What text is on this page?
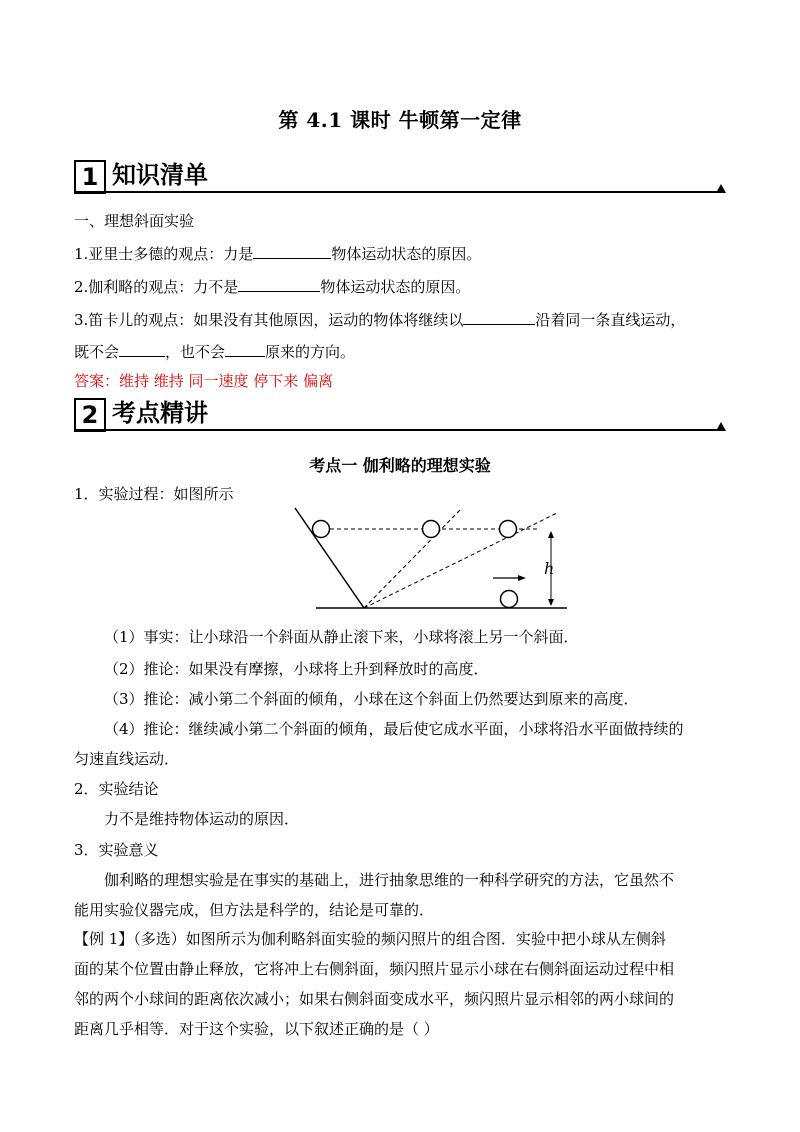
第 4.1 课时 牛顿第一定律
1 知识清单
一、理想斜面实验
1.亚里士多德的观点：力是	物体运动状态的原因。
2.伽利略的观点：力不是	物体运动状态的原因。
3.笛卡儿的观点：如果没有其他原因，运动的物体将继续以	沿着同一条直线运动，
既不会	，也不会	原来的方向。
答案：维持 维持 同一速度 停下来 偏离
2 考点精讲
考点一 伽利略的理想实验
1．实验过程：如图所示
h
（1）事实：让小球沿一个斜面从静止滚下来，小球将滚上另一个斜面．
（2）推论：如果没有摩擦，小球将上升到释放时的高度．
（3）推论：减小第二个斜面的倾角，小球在这个斜面上仍然要达到原来的高度．
（4）推论：继续减小第二个斜面的倾角，最后使它成水平面，小球将沿水平面做持续的
匀速直线运动．
2．实验结论
力不是维持物体运动的原因．
3．实验意义
伽利略的理想实验是在事实的基础上，进行抽象思维的一种科学研究的方法，它虽然不
能用实验仪器完成，但方法是科学的，结论是可靠的．
【例 1】（多选）如图所示为伽利略斜面实验的频闪照片的组合图．实验中把小球从左侧斜
面的某个位置由静止释放，它将冲上右侧斜面，频闪照片显示小球在右侧斜面运动过程中相
邻的两个小球间的距离依次减小；如果右侧斜面变成水平，频闪照片显示相邻的两小球间的
距离几乎相等．对于这个实验，以下叙述正确的是（ ）
